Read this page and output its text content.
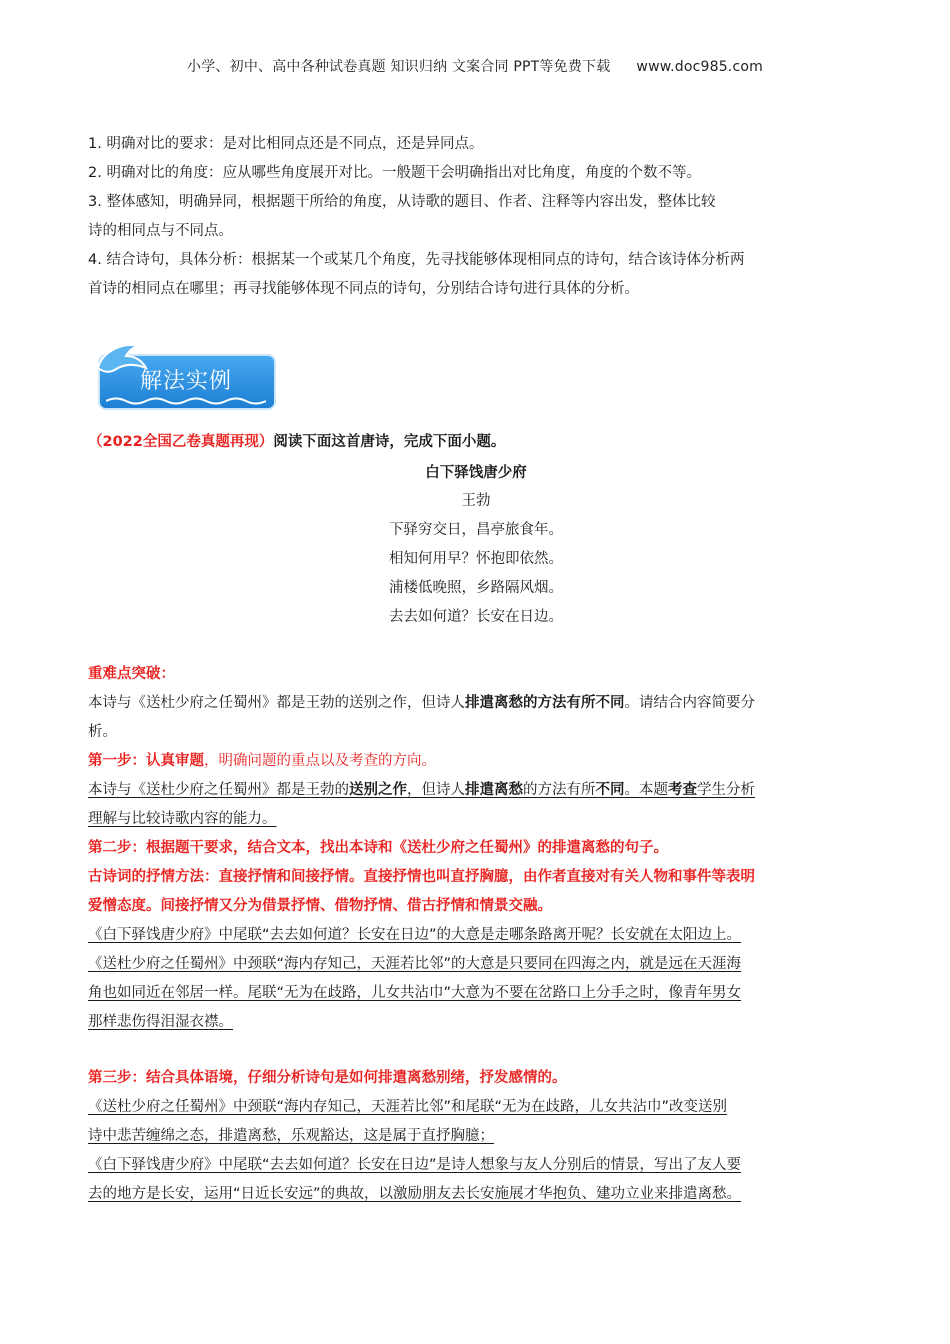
小学、初中、高中各种试卷真题 知识归纳 文案合同 PPT等免费下载 www.doc985.com

1. 明确对比的要求：是对比相同点还是不同点，还是异同点。

2. 明确对比的角度：应从哪些角度展开对比。一般题干会明确指出对比角度，角度的个数不等。

3. 整体感知，明确异同，根据题干所给的角度，从诗歌的题目、作者、注释等内容出发，整体比较

诗的相同点与不同点。

4. 结合诗句，具体分析：根据某一个或某几个角度，先寻找能够体现相同点的诗句，结合该诗体分析两

首诗的相同点在哪里；再寻找能够体现不同点的诗句，分别结合诗句进行具体的分析。

解法实例

（2022全国乙卷真题再现）阅读下面这首唐诗，完成下面小题。

白下驿饯唐少府

王勃

下驿穷交日，昌亭旅食年。

相知何用早？怀抱即依然。

浦楼低晚照，乡路隔风烟。

去去如何道？长安在日边。

重难点突破：

本诗与《送杜少府之任蜀州》都是王勃的送别之作，但诗人排遣离愁的方法有所不同。请结合内容简要分

析。

第一步：认真审题，明确问题的重点以及考查的方向。

本诗与《送杜少府之任蜀州》都是王勃的送别之作，但诗人排遣离愁的方法有所不同。本题考查学生分析

理解与比较诗歌内容的能力。

第二步：根据题干要求，结合文本，找出本诗和《送杜少府之任蜀州》的排遣离愁的句子。

古诗词的抒情方法：直接抒情和间接抒情。直接抒情也叫直抒胸臆，由作者直接对有关人物和事件等表明

爱憎态度。间接抒情又分为借景抒情、借物抒情、借古抒情和情景交融。

《白下驿饯唐少府》中尾联“去去如何道？长安在日边”的大意是走哪条路离开呢？长安就在太阳边上。

《送杜少府之任蜀州》中颈联“海内存知己，天涯若比邻”的大意是只要同在四海之内，就是远在天涯海

角也如同近在邻居一样。尾联“无为在歧路，儿女共沾巾”大意为不要在岔路口上分手之时，像青年男女

那样悲伤得泪湿衣襟。

第三步：结合具体语境，仔细分析诗句是如何排遣离愁别绪，抒发感情的。

《送杜少府之任蜀州》中颈联“海内存知己，天涯若比邻”和尾联“无为在歧路，儿女共沾巾”改变送别

诗中悲苦缠绵之态，排遣离愁，乐观豁达，这是属于直抒胸臆；

《白下驿饯唐少府》中尾联“去去如何道？长安在日边”是诗人想象与友人分别后的情景，写出了友人要

去的地方是长安，运用“日近长安远”的典故，以激励朋友去长安施展才华抱负、建功立业来排遣离愁。
